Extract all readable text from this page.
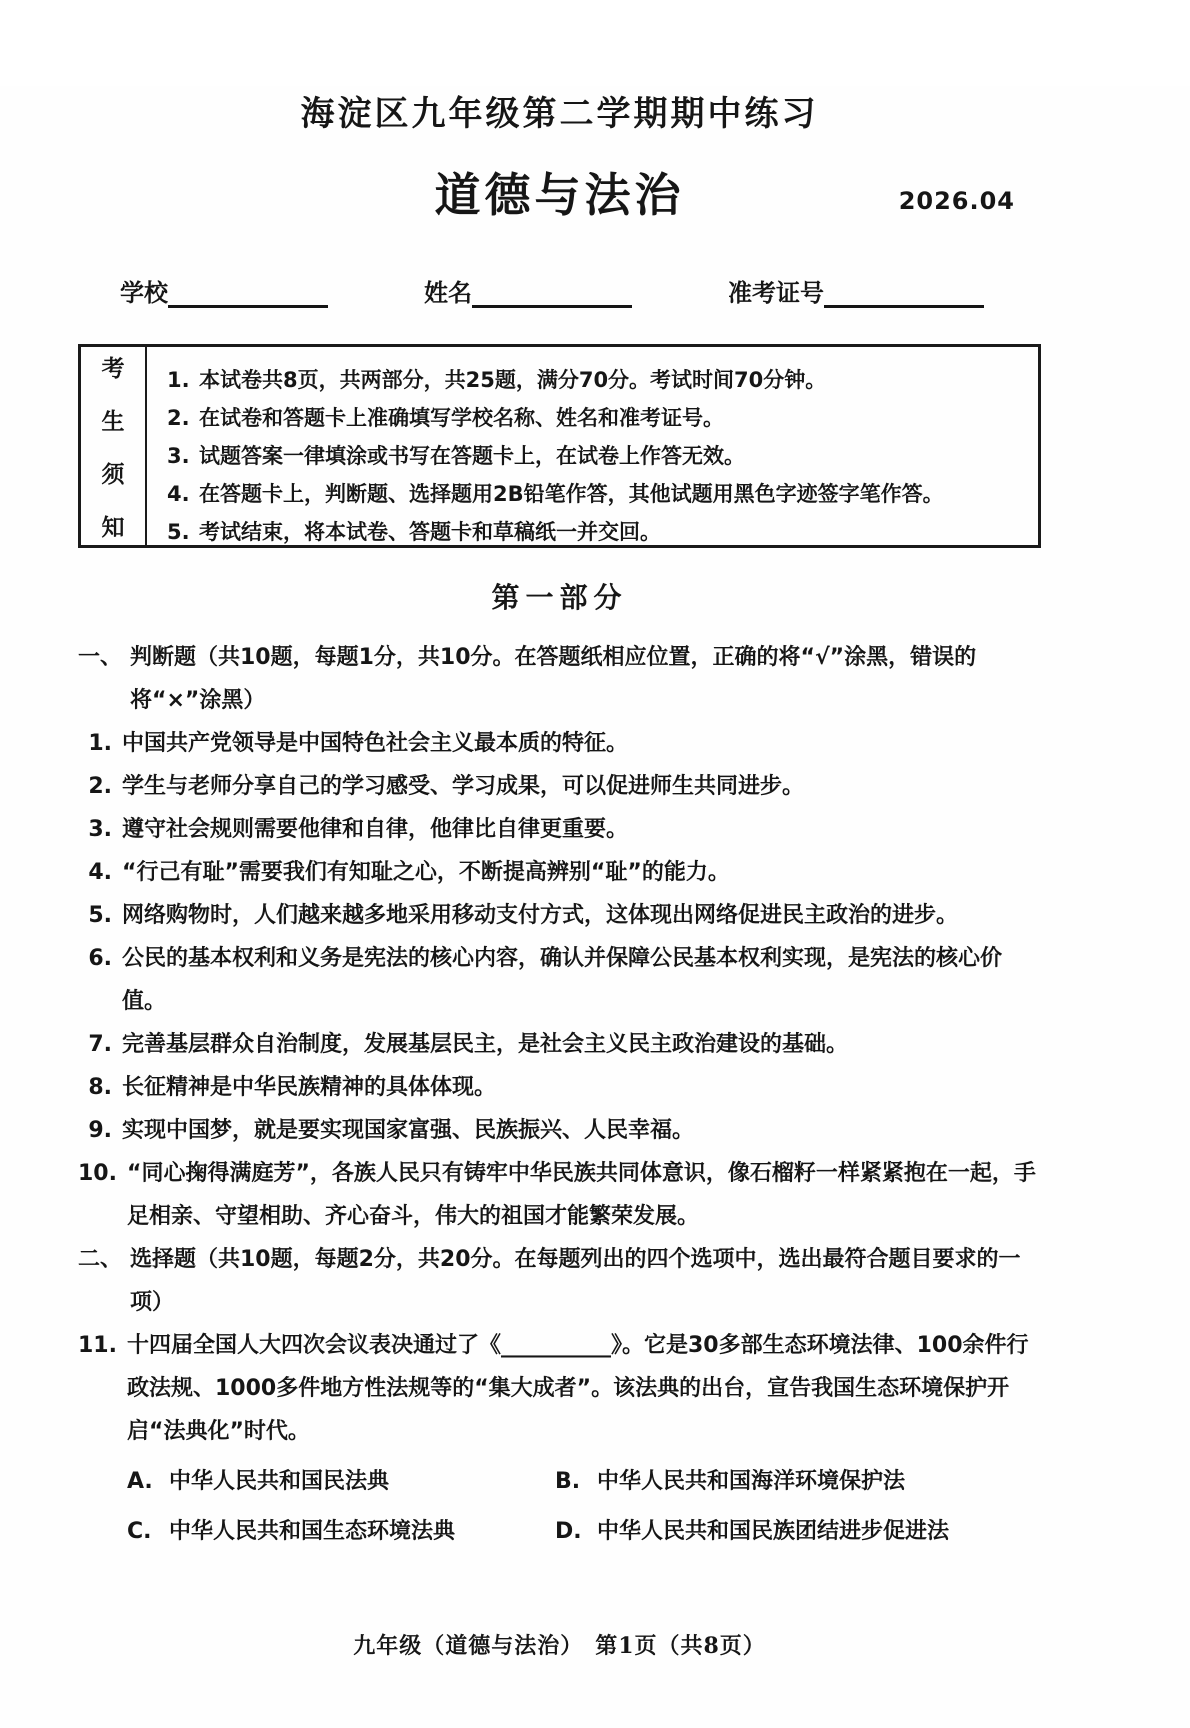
海淀区九年级第二学期期中练习
道德与法治	2026.04
学校	姓名	准考证号
考
生
须
知
1. 本试卷共8页，共两部分，共25题，满分70分。考试时间70分钟。
2. 在试卷和答题卡上准确填写学校名称、姓名和准考证号。
3. 试题答案一律填涂或书写在答题卡上，在试卷上作答无效。
4. 在答题卡上，判断题、选择题用2B铅笔作答，其他试题用黑色字迹签字笔作答。
5. 考试结束，将本试卷、答题卡和草稿纸一并交回。
第一部分
一、 判断题（共10题，每题1分，共10分。在答题纸相应位置，正确的将“√”涂黑，错误的将“×”涂黑）
1. 中国共产党领导是中国特色社会主义最本质的特征。
2. 学生与老师分享自己的学习感受、学习成果，可以促进师生共同进步。
3. 遵守社会规则需要他律和自律，他律比自律更重要。
4. “行己有耻”需要我们有知耻之心，不断提高辨别“耻”的能力。
5. 网络购物时，人们越来越多地采用移动支付方式，这体现出网络促进民主政治的进步。
6. 公民的基本权利和义务是宪法的核心内容，确认并保障公民基本权利实现，是宪法的核心价值。
7. 完善基层群众自治制度，发展基层民主，是社会主义民主政治建设的基础。
8. 长征精神是中华民族精神的具体体现。
9. 实现中国梦，就是要实现国家富强、民族振兴、人民幸福。
10. “同心掬得满庭芳”，各族人民只有铸牢中华民族共同体意识，像石榴籽一样紧紧抱在一起，手足相亲、守望相助、齐心奋斗，伟大的祖国才能繁荣发展。
二、 选择题（共10题，每题2分，共20分。在每题列出的四个选项中，选出最符合题目要求的一项）
11. 十四届全国人大四次会议表决通过了《__________》。它是30多部生态环境法律、100余件行政法规、1000多件地方性法规等的“集大成者”。该法典的出台，宣告我国生态环境保护开启“法典化”时代。
A. 中华人民共和国民法典	B. 中华人民共和国海洋环境保护法
C. 中华人民共和国生态环境法典	D. 中华人民共和国民族团结进步促进法
九年级（道德与法治）　第1页（共8页）
